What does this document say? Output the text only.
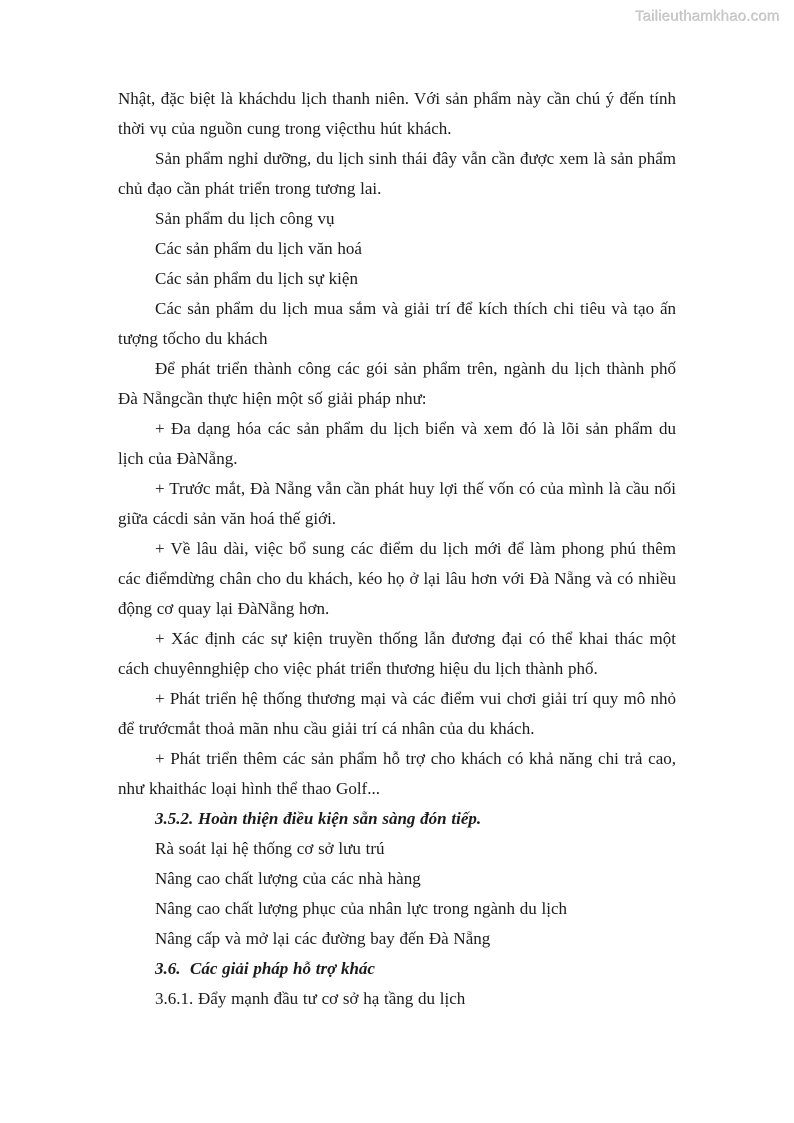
Tailieuthamkhao.com

Nhật, đặc biệt là kháchdu lịch thanh niên. Với sản phẩm này cần chú ý đến tính thời vụ của nguồn cung trong việcthu hút khách.

Sản phẩm nghỉ dưỡng, du lịch sinh thái đây vẫn cần được xem là sản phẩm chủ đạo cần phát triển trong tương lai.

Sản phẩm du lịch công vụ

Các sản phẩm du lịch văn hoá

Các sản phẩm du lịch sự kiện

Các sản phẩm du lịch mua sắm và giải trí để kích thích chi tiêu và tạo ấn tượng tốcho du khách

Để phát triển thành công các gói sản phẩm trên, ngành du lịch thành phố Đà Nẵngcần thực hiện một số giải pháp như:

+ Đa dạng hóa các sản phẩm du lịch biển và xem đó là lõi sản phẩm du lịch của ĐàNẵng.

+ Trước mắt, Đà Nẵng vẫn cần phát huy lợi thế vốn có của mình là cầu nối giữa cácdi sản văn hoá thế giới.

+ Về lâu dài, việc bổ sung các điểm du lịch mới để làm phong phú thêm các điểmdừng chân cho du khách, kéo họ ở lại lâu hơn với Đà Nẵng và có nhiều động cơ quay lại ĐàNẵng hơn.

+ Xác định các sự kiện truyền thống lẫn đương đại có thể khai thác một cách chuyênnghiệp cho việc phát triển thương hiệu du lịch thành phố.

+ Phát triển hệ thống thương mại và các điểm vui chơi giải trí quy mô nhỏ để trướcmắt thoả mãn nhu cầu giải trí cá nhân của du khách.

+ Phát triển thêm các sản phẩm hỗ trợ cho khách có khả năng chi trả cao, như khaithác loại hình thể thao Golf...

3.5.2. Hoàn thiện điều kiện sẵn sàng đón tiếp.

Rà soát lại hệ thống cơ sở lưu trú

Nâng cao chất lượng của các nhà hàng

Nâng cao chất lượng phục của nhân lực trong ngành du lịch

Nâng cấp và mở lại các đường bay đến Đà Nẵng

3.6.  Các giải pháp hỗ trợ khác

3.6.1. Đẩy mạnh đầu tư cơ sở hạ tầng du lịch
